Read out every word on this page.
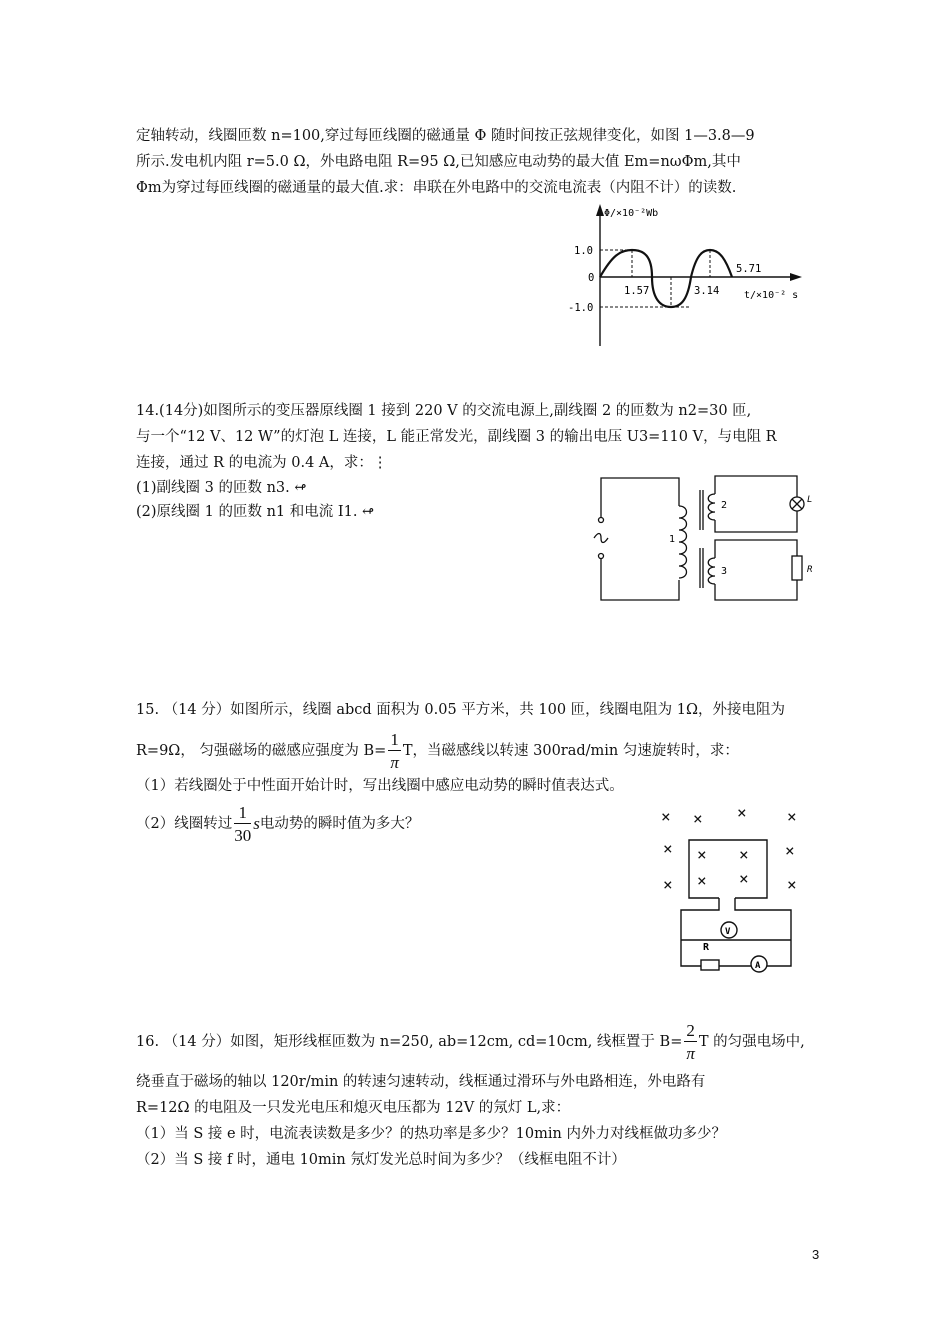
定轴转动，线圈匝数 n=100,穿过每匝线圈的磁通量 Φ 随时间按正弦规律变化，如图 1—3.8—9
所示.发电机内阻 r=5.0 Ω，外电路电阻 R=95 Ω,已知感应电动势的最大值 Em=nωΦm,其中
Φm为穿过每匝线圈的磁通量的最大值.求：串联在外电路中的交流电流表（内阻不计）的读数.
Φ/×10⁻²Wb
1.0
0
-1.0
1.57	3.14
5.71
t/×10⁻² s
14.(14分)如图所示的变压器原线圈 1 接到 220 V 的交流电源上,副线圈 2 的匝数为 n2=30 匝,
与一个“12 V、12 W”的灯泡 L 连接，L 能正常发光，副线圈 3 的输出电压 U3=110 V，与电阻 R
连接，通过 R 的电流为 0.4 A，求：⋮
(1)副线圈 3 的匝数 n3. ↫
(2)原线圈 1 的匝数 n1 和电流 I1. ↫
1
2
3
L
R
15. （14 分）如图所示，线圈 abcd 面积为 0.05 平方米，共 100 匝，线圈电阻为 1Ω，外接电阻为
R=9Ω， 匀强磁场的磁感应强度为 $B= \frac{1}{\pi}$ T，当磁感线以转速 300rad/min 匀速旋转时，求：
（1）若线圈处于中性面开始计时，写出线圈中感应电动势的瞬时值表达式。
（2）线圈转过 $\frac{1}{30}$ s 电动势的瞬时值为多大？	× × ×	×
× × × ×
× × × ×
R
V
A
16. （14 分）如图，矩形线框匝数为 n=250, ab=12cm, cd=10cm, 线框置于 $B= \frac{2}{\pi}$ T 的匀强电场中,
绕垂直于磁场的轴以 120r/min 的转速匀速转动，线框通过滑环与外电路相连，外电路有
R=12Ω 的电阻及一只发光电压和熄灭电压都为 12V 的氖灯 L,求：
（1）当 S 接 e 时，电流表读数是多少？的热功率是多少？10min 内外力对线框做功多少？
（2）当 S 接 f 时，通电 10min 氖灯发光总时间为多少？（线框电阻不计）
3
